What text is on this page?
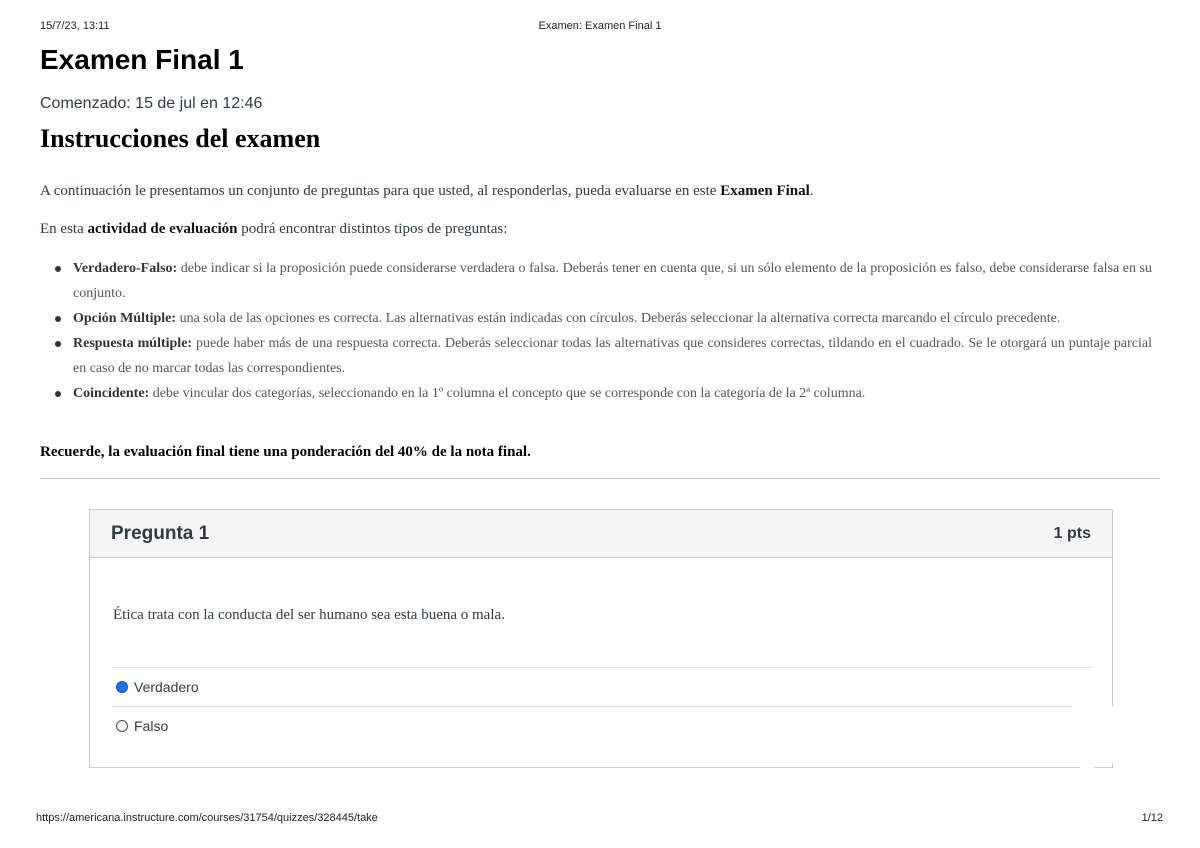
15/7/23, 13:11	Examen: Examen Final 1
Examen Final 1
Comenzado: 15 de jul en 12:46
Instrucciones del examen
A continuación le presentamos un conjunto de preguntas para que usted, al responderlas, pueda evaluarse en este Examen Final.
En esta actividad de evaluación podrá encontrar distintos tipos de preguntas:
Verdadero-Falso: debe indicar si la proposición puede considerarse verdadera o falsa. Deberás tener en cuenta que, si un sólo elemento de la proposición es falso, debe considerarse falsa en su conjunto.
Opción Múltiple: una sola de las opciones es correcta. Las alternativas están indicadas con círculos. Deberás seleccionar la alternativa correcta marcando el círculo precedente.
Respuesta múltiple: puede haber más de una respuesta correcta. Deberás seleccionar todas las alternativas que consideres correctas, tildando en el cuadrado. Se le otorgará un puntaje parcial en caso de no marcar todas las correspondientes.
Coincidente: debe vincular dos categorías, seleccionando en la 1º columna el concepto que se corresponde con la categoría de la 2ª columna.
Recuerde, la evaluación final tiene una ponderación del 40% de la nota final.
Pregunta 1	1 pts
Ética trata con la conducta del ser humano sea esta buena o mala.
Verdadero
Falso
https://americana.instructure.com/courses/31754/quizzes/328445/take	1/12
